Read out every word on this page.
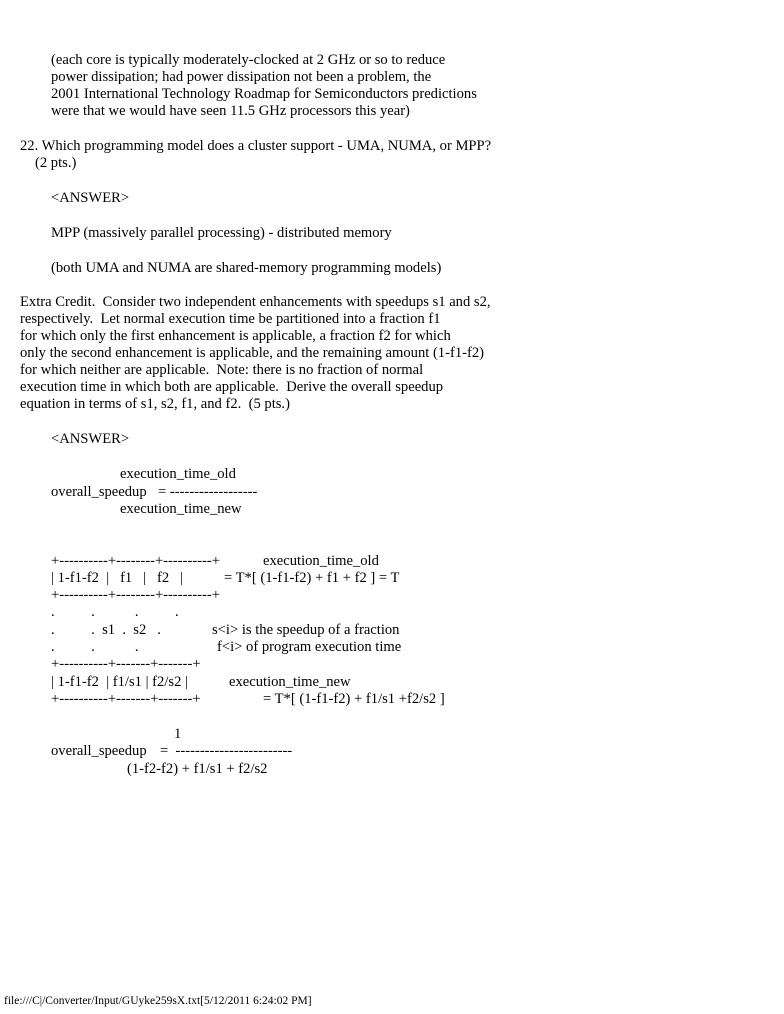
(each core is typically moderately-clocked at 2 GHz or so to reduce

power dissipation; had power dissipation not been a problem, the

2001 International Technology Roadmap for Semiconductors predictions

were that we would have seen 11.5 GHz processors this year)

22. Which programming model does a cluster support - UMA, NUMA, or MPP?

(2 pts.)

<ANSWER>

MPP (massively parallel processing) - distributed memory

(both UMA and NUMA are shared-memory programming models)

Extra Credit.  Consider two independent enhancements with speedups s1 and s2,

respectively.  Let normal execution time be partitioned into a fraction f1

for which only the first enhancement is applicable, a fraction f2 for which

only the second enhancement is applicable, and the remaining amount (1-f1-f2)

for which neither are applicable.  Note: there is no fraction of normal

execution time in which both are applicable.  Derive the overall speedup

equation in terms of s1, s2, f1, and f2.  (5 pts.)

<ANSWER>

execution_time_old

overall_speedup = ------------------

execution_time_new

+----------+--------+----------+	execution_time_old

| 1-f1-f2  |   f1   |   f2   |	= T*[ (1-f1-f2) + f1 + f2 ] = T

+----------+--------+----------+

.          .           .          .

.          .  s1  .  s2   .	s<i> is the speedup of a fraction

.          .           .	f<i> of program execution time

+----------+-------+-------+

| 1-f1-f2  | f1/s1 | f2/s2 |	execution_time_new

+----------+-------+-------+	= T*[ (1-f1-f2) + f1/s1 +f2/s2 ]

1

overall_speedup =  ------------------------

(1-f2-f2) + f1/s1 + f2/s2

file:///C|/Converter/Input/GUyke259sX.txt[5/12/2011 6:24:02 PM]
